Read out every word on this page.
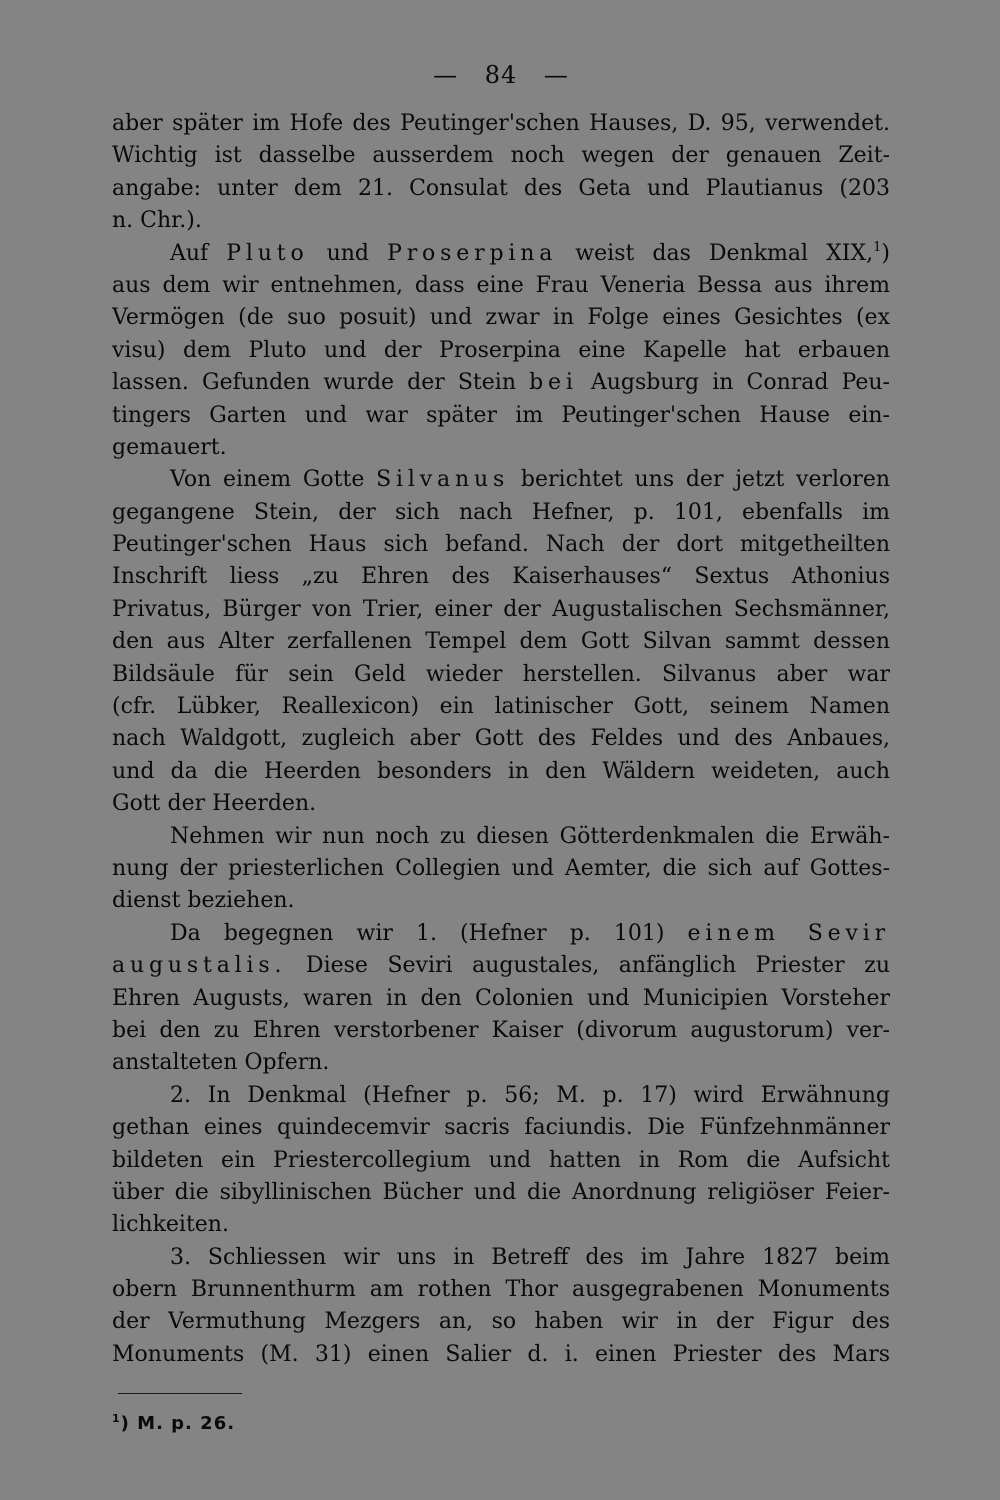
— 84 —
aber später im Hofe des Peutinger'schen Hauses, D. 95, verwendet.
Wichtig ist dasselbe ausserdem noch wegen der genauen Zeit-
angabe: unter dem 21. Consulat des Geta und Plautianus (203
n. Chr.).
Auf Pluto und Proserpina weist das Denkmal XIX,$^1$)
aus dem wir entnehmen, dass eine Frau Veneria Bessa aus ihrem
Vermögen (de suo posuit) und zwar in Folge eines Gesichtes (ex
visu) dem Pluto und der Proserpina eine Kapelle hat erbauen
lassen. Gefunden wurde der Stein bei Augsburg in Conrad Peu-
tingers Garten und war später im Peutinger'schen Hause ein-
gemauert.
Von einem Gotte Silvanus berichtet uns der jetzt verloren
gegangene Stein, der sich nach Hefner, p. 101, ebenfalls im
Peutinger'schen Haus sich befand. Nach der dort mitgetheilten
Inschrift liess „zu Ehren des Kaiserhauses“ Sextus Athonius
Privatus, Bürger von Trier, einer der Augustalischen Sechsmänner,
den aus Alter zerfallenen Tempel dem Gott Silvan sammt dessen
Bildsäule für sein Geld wieder herstellen. Silvanus aber war
(cfr. Lübker, Reallexicon) ein latinischer Gott, seinem Namen
nach Waldgott, zugleich aber Gott des Feldes und des Anbaues,
und da die Heerden besonders in den Wäldern weideten, auch
Gott der Heerden.
Nehmen wir nun noch zu diesen Götterdenkmalen die Erwäh-
nung der priesterlichen Collegien und Aemter, die sich auf Gottes-
dienst beziehen.
Da begegnen wir 1. (Hefner p. 101) einem Sevir
augustalis. Diese Seviri augustales, anfänglich Priester zu
Ehren Augusts, waren in den Colonien und Municipien Vorsteher
bei den zu Ehren verstorbener Kaiser (divorum augustorum) ver-
anstalteten Opfern.
2. In Denkmal (Hefner p. 56; M. p. 17) wird Erwähnung
gethan eines quindecemvir sacris faciundis. Die Fünfzehnmänner
bildeten ein Priestercollegium und hatten in Rom die Aufsicht
über die sibyllinischen Bücher und die Anordnung religiöser Feier-
lichkeiten.
3. Schliessen wir uns in Betreff des im Jahre 1827 beim
obern Brunnenthurm am rothen Thor ausgegrabenen Monuments
der Vermuthung Mezgers an, so haben wir in der Figur des
Monuments (M. 31) einen Salier d. i. einen Priester des Mars
$^1$) M. p. 26.
